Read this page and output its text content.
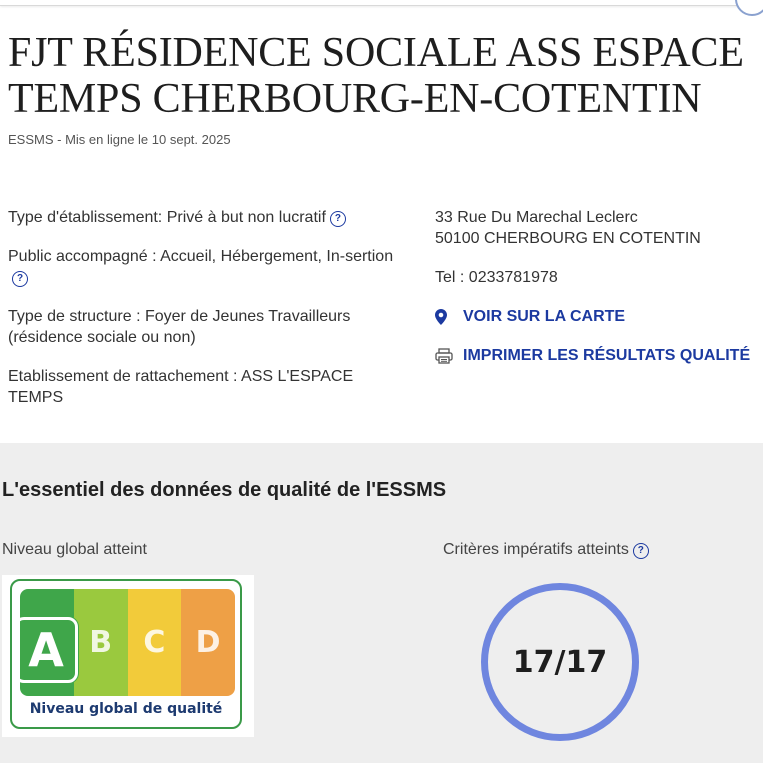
FJT RÉSIDENCE SOCIALE ASS ESPACE TEMPS CHERBOURG-EN-COTENTIN
ESSMS - Mis en ligne le 10 sept. 2025
Type d'établissement: Privé à but non lucratif ?
Public accompagné : Accueil, Hébergement, In-sertion?
Type de structure : Foyer de Jeunes Travailleurs (résidence sociale ou non)
Etablissement de rattachement : ASS L'ESPACE TEMPS
33 Rue Du Marechal Leclerc
50100 CHERBOURG EN COTENTIN
Tel : 0233781978
VOIR SUR LA CARTE
IMPRIMER LES RÉSULTATS QUALITÉ
L'essentiel des données de qualité de l'ESSMS
Niveau global atteint	Critères impératifs atteints ?
A B	C	D
Niveau global de qualité
17/17
